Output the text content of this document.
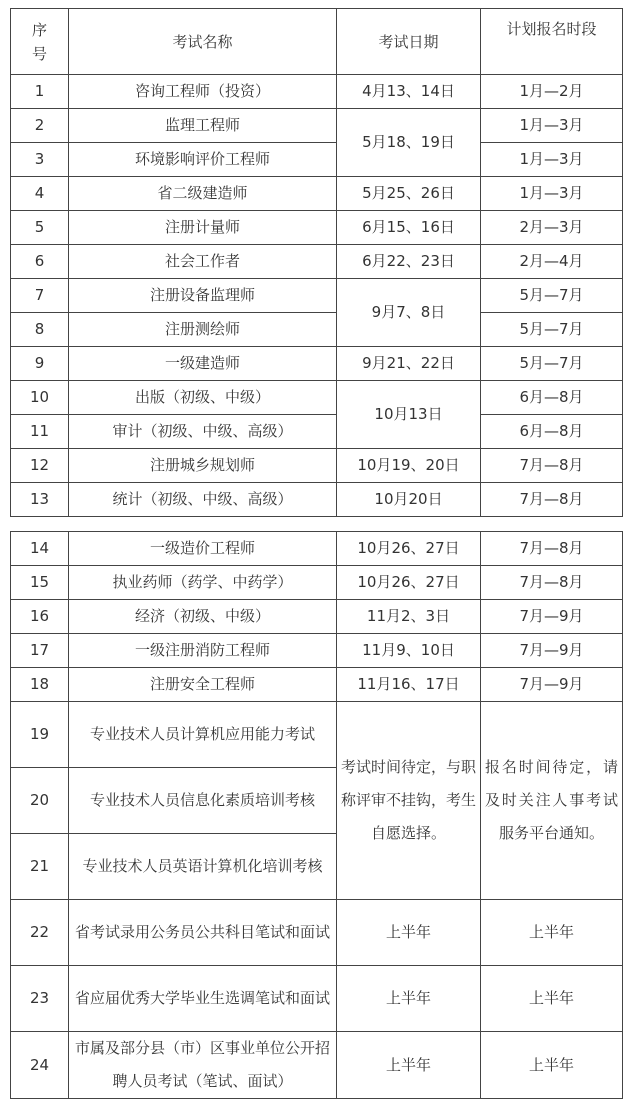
序
号	考试名称	考试日期	计划报名时段
1	咨询工程师（投资）	4月13、14日	1月—2月
2	监理工程师	5月18、19日	1月—3月
3	环境影响评价工程师		1月—3月
4	省二级建造师	5月25、26日	1月—3月
5	注册计量师	6月15、16日	2月—3月
6	社会工作者	6月22、23日	2月—4月
7	注册设备监理师	9月7、8日	5月—7月
8	注册测绘师		5月—7月
9	一级建造师	9月21、22日	5月—7月
10	出版（初级、中级）	10月13日	6月—8月
11	审计（初级、中级、高级）		6月—8月
12	注册城乡规划师	10月19、20日	7月—8月
13	统计（初级、中级、高级）	10月20日	7月—8月
14	一级造价工程师	10月26、27日	7月—8月
15	执业药师（药学、中药学）	10月26、27日	7月—8月
16	经济（初级、中级）	11月2、3日	7月—9月
17	一级注册消防工程师	11月9、10日	7月—9月
18	注册安全工程师	11月16、17日	7月—9月
19	专业技术人员计算机应用能力考试	考试时间待定，与职称评审不挂钩，考生自愿选择。	报名时间待定，请及时关注人事考试服务平台通知。
20	专业技术人员信息化素质培训考核		
21	专业技术人员英语计算机化培训考核		
22	省考试录用公务员公共科目笔试和面试	上半年	上半年
23	省应届优秀大学毕业生选调笔试和面试	上半年	上半年
24	市属及部分县（市）区事业单位公开招聘人员考试（笔试、面试）	上半年	上半年
